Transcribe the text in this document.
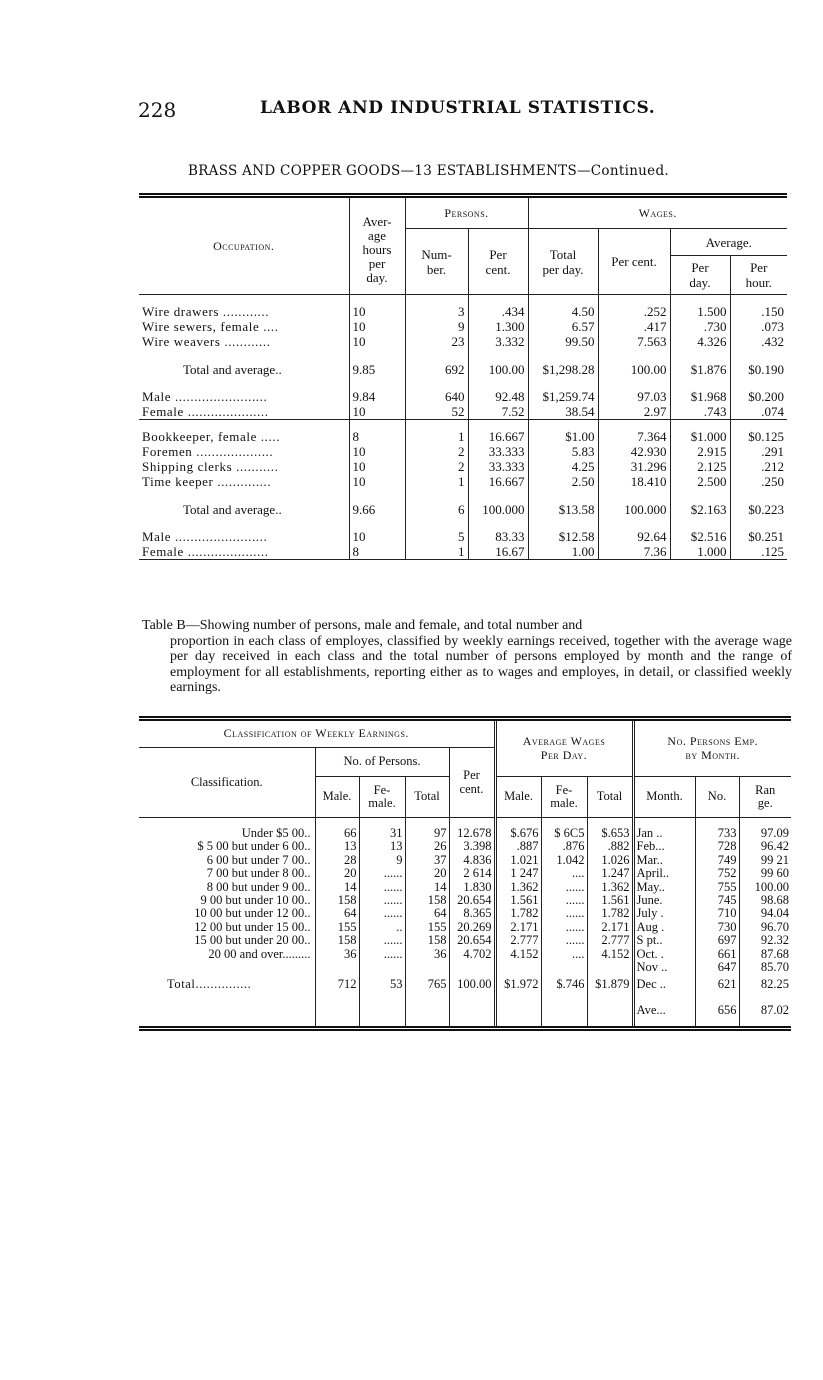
228	LABOR AND INDUSTRIAL STATISTICS.
BRASS AND COPPER GOODS—13 ESTABLISHMENTS—Continued.
Occupation.	Aver-
age
hours
per
day.	Persons.		Wages.			
		Num-
ber.	Per
cent.	Total
per day.	Per cent.	Average.	
						Per
day.	Per
hour.

Wire drawers ............	10	3	.434	4.50	.252	1.500	.150
Wire sewers, female ....	10	9	1.300	6.57	.417	.730	.073
Wire weavers ............	10	23	3.332	99.50	7.563	4.326	.432

Total and average..	9.85	692	100.00	$1,298.28	100.00	$1.876	$0.190

Male ........................	9.84	640	92.48	$1,259.74	97.03	$1.968	$0.200
Female .....................	10	52	7.52	38.54	2.97	.743	.074

Bookkeeper, female .....	8	1	16.667	$1.00	7.364	$1.000	$0.125
Foremen ....................	10	2	33.333	5.83	42.930	2.915	.291
Shipping clerks ...........	10	2	33.333	4.25	31.296	2.125	.212
Time keeper ..............	10	1	16.667	2.50	18.410	2.500	.250

Total and average..	9.66	6	100.000	$13.58	100.000	$2.163	$0.223

Male ........................	10	5	83.33	$12.58	92.64	$2.516	$0.251
Female .....................	8	1	16.67	1.00	7.36	1.000	.125
Table B—Showing number of persons, male and female, and total number and
proportion in each class of employes, classified by weekly earnings received, together with the average wage per day received in each class and the total number of persons employed by month and the range of employment for all establishments, reporting either as to wages and employes, in detail, or classified weekly earnings.
Classification of Weekly Earnings.					Average Wages
Per Day.			No. Persons Emp.
by Month.		
Classification.	No. of Persons.			Per
cent.						
	Male.	Fe-
male.	Total		Male.	Fe-
male.	Total	Month.	No.	Ran
ge.

Under $5 00..	66	31	97	12.678	$.676	$ 6C5	$.653	Jan ..	733	97.09
$ 5 00 but under 6 00..	13	13	26	3.398	.887	.876	.882	Feb...	728	96.42
6 00 but under 7 00..	28	9	37	4.836	1.021	1.042	1.026	Mar..	749	99 21
7 00 but under 8 00..	20	......	20	2 614	1 247	....	1.247	April..	752	99 60
8 00 but under 9 00..	14	......	14	1.830	1.362	......	1.362	May..	755	100.00
9 00 but under 10 00..	158	......	158	20.654	1.561	......	1.561	June.	745	98.68
10 00 but under 12 00..	64	......	64	8.365	1.782	......	1.782	July .	710	94.04
12 00 but under 15 00..	155	..	155	20.269	2.171	......	2.171	Aug .	730	96.70
15 00 but under 20 00..	158	......	158	20.654	2.777	......	2.777	S pt..	697	92.32
20 00 and over.........	36	......	36	4.702	4.152	....	4.152	Oct. .	661	87.68
								Nov ..	647	85.70
Total...............	712	53	765	100.00	$1.972	$.746	$1.879	Dec ..	621	82.25
								Ave...	656	87.02
